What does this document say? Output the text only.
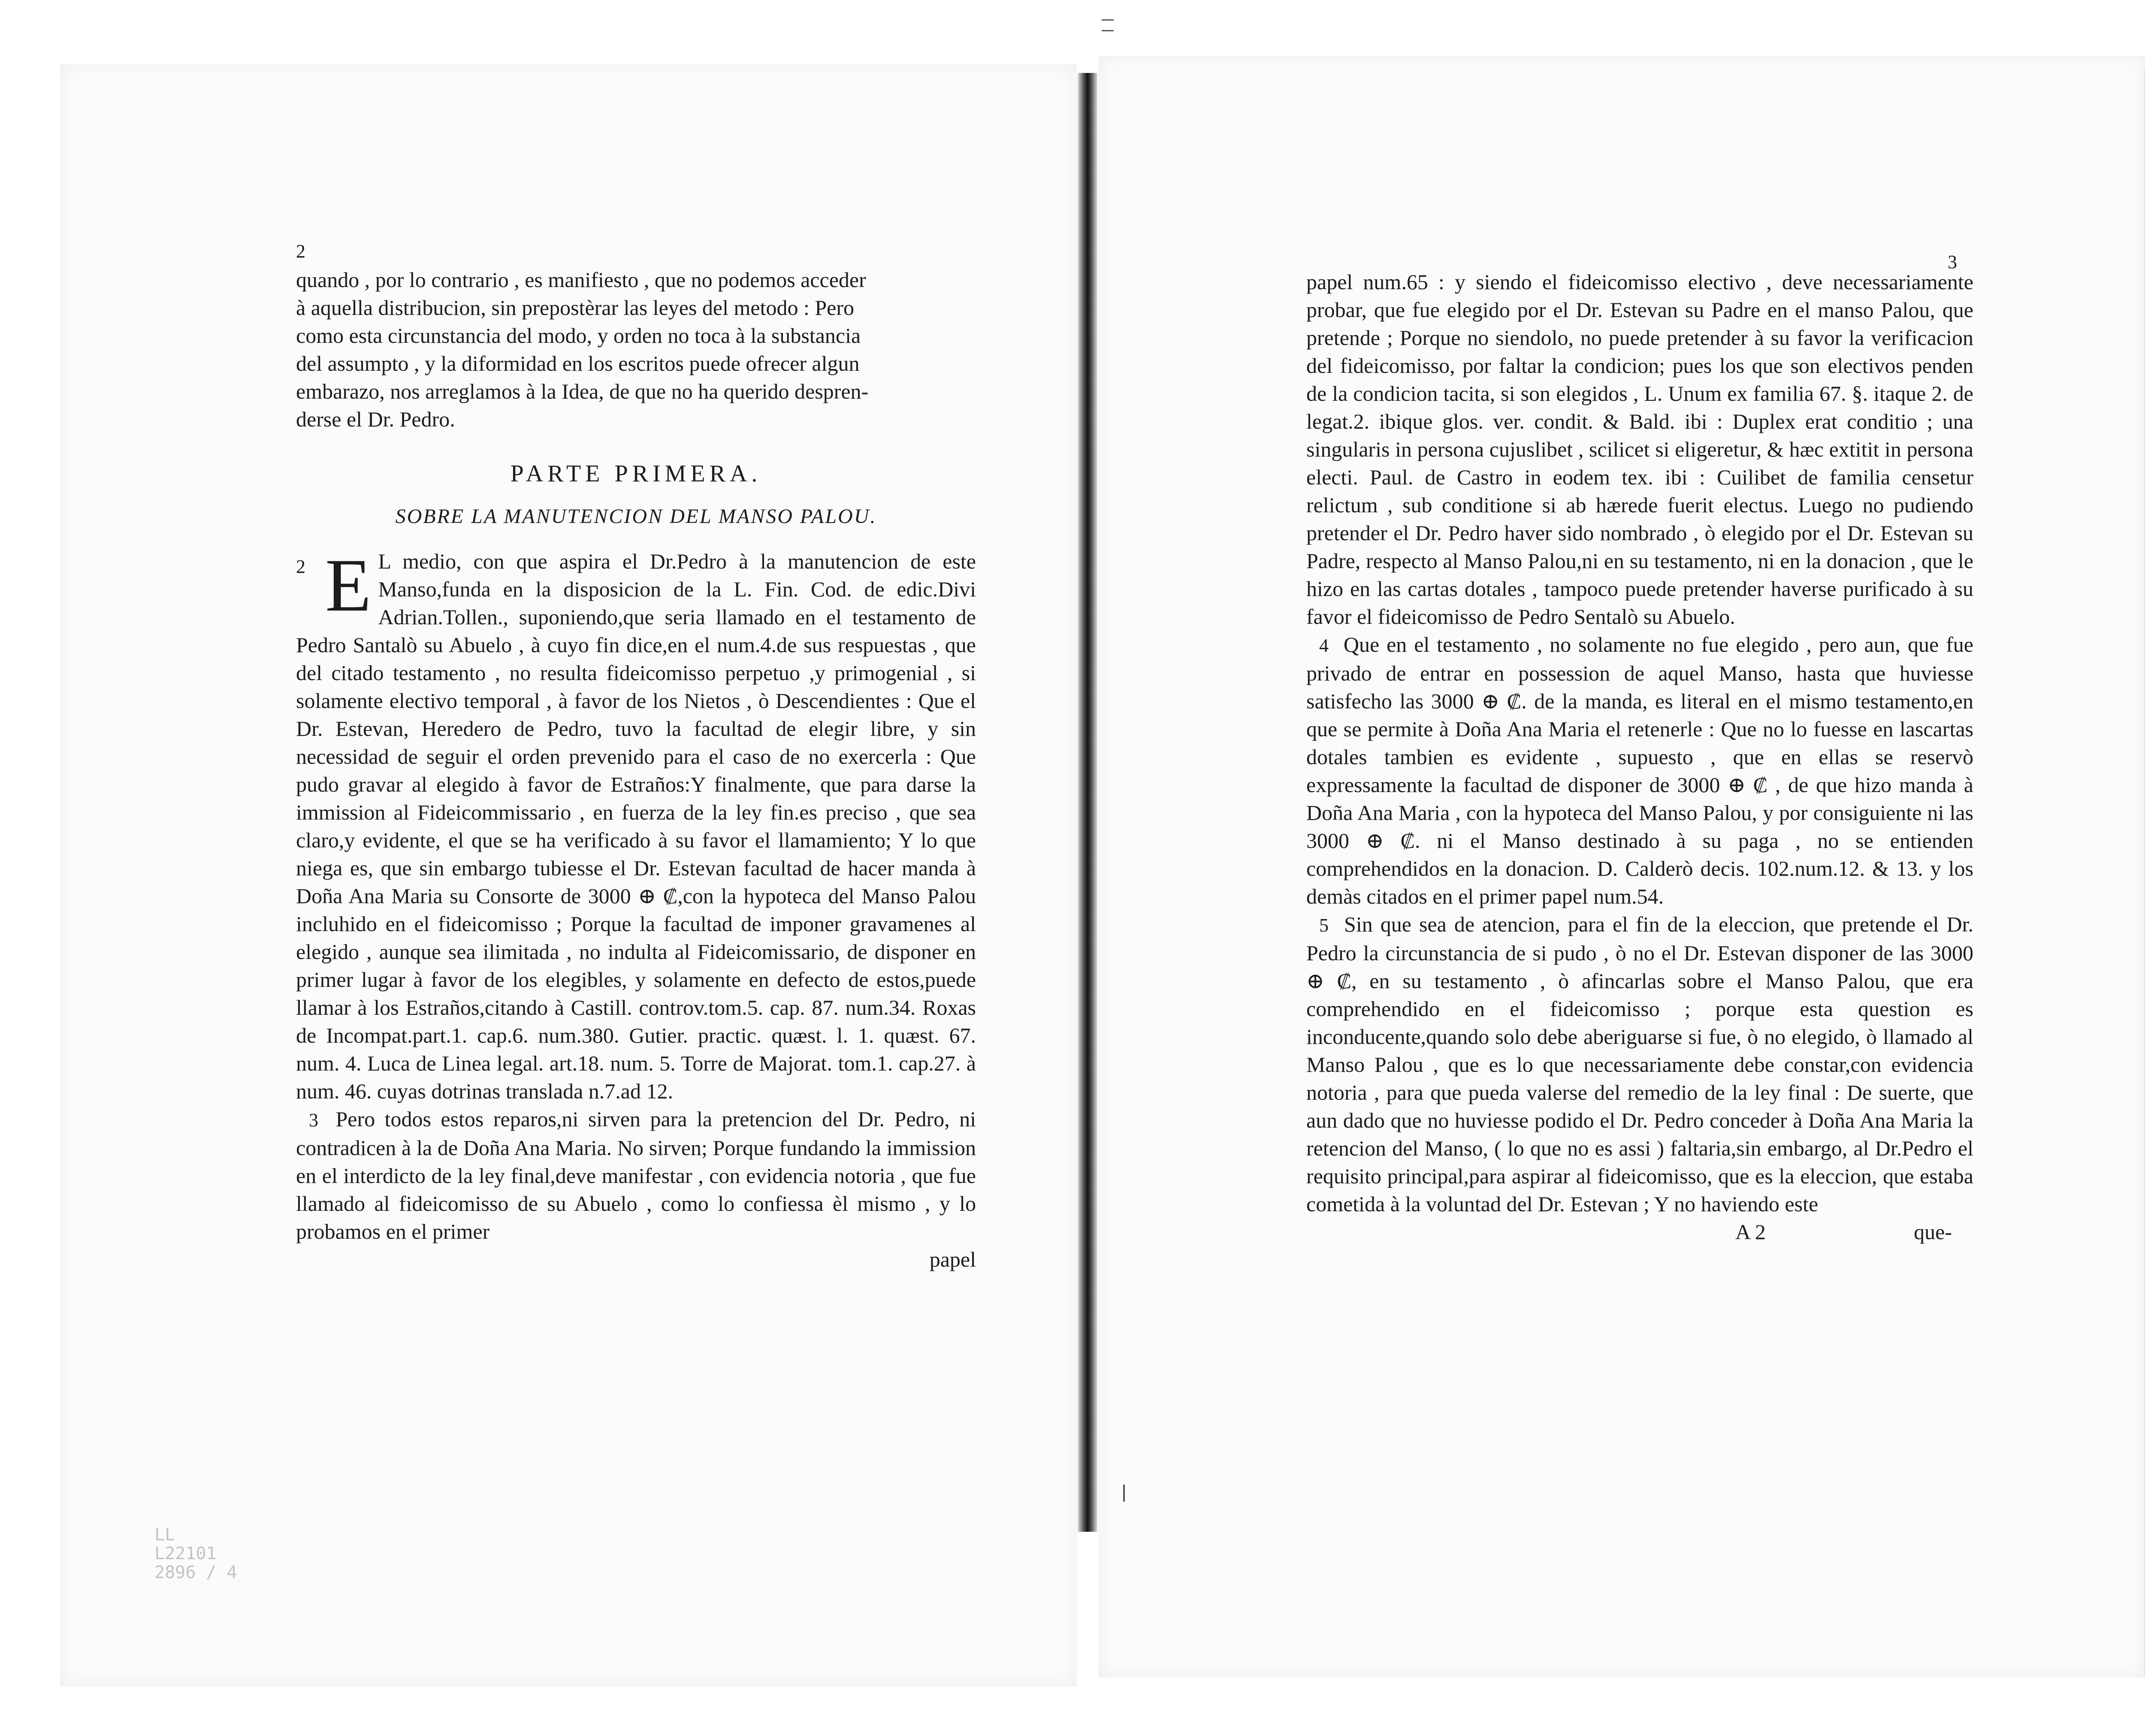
2
3
quando , por lo contrario , es manifiesto , que no podemos acceder
à aquella distribucion, sin prepostèrar las leyes del metodo : Pero
como esta circunstancia del modo, y orden no toca à la substancia
del assumpto , y la diformidad en los escritos puede ofrecer algun
embarazo, nos arreglamos à la Idea, de que no ha querido despren-
derse el Dr. Pedro.
PARTE PRIMERA.
SOBRE LA MANUTENCION DEL MANSO PALOU.

2 E L medio, con que aspira el Dr.Pedro à la manutencion de este Manso,funda en la disposicion de la L. Fin. Cod. de edic.Divi Adrian.Tollen., suponiendo,que seria llamado en el testamento de Pedro Santalò su Abuelo , à cuyo fin dice,en el num.4.de sus respuestas , que del citado testamento , no resulta fideicomisso perpetuo ,y primogenial , si solamente electivo temporal , à favor de los Nietos , ò Descendientes : Que el Dr. Estevan, Heredero de Pedro, tuvo la facultad de elegir libre, y sin necessidad de seguir el orden prevenido para el caso de no exercerla : Que pudo gravar al elegido à favor de Estraños:Y finalmente, que para darse la immission al Fideicommissario , en fuerza de la ley fin.es preciso , que sea claro,y evidente, el que se ha verificado à su favor el llamamiento; Y lo que niega es, que sin embargo tubiesse el Dr. Estevan facultad de hacer manda à Doña Ana Maria su Consorte de 3000 ⊕ ₡,con la hypoteca del Manso Palou incluhido en el fideicomisso ; Porque la facultad de imponer gravamenes al elegido , aunque sea ilimitada , no indulta al Fideicomissario, de disponer en primer lugar à favor de los elegibles, y solamente en defecto de estos,puede llamar à los Estraños,citando à Castill. controv.tom.5. cap. 87. num.34. Roxas de Incompat.part.1. cap.6. num.380. Gutier. practic. quæst. l. 1. quæst. 67. num. 4. Luca de Linea legal. art.18. num. 5. Torre de Majorat. tom.1. cap.27. à num. 46. cuyas dotrinas translada n.7.ad 12.

3 Pero todos estos reparos,ni sirven para la pretencion del Dr. Pedro, ni contradicen à la de Doña Ana Maria. No sirven; Porque fundando la immission en el interdicto de la ley final,deve manifestar , con evidencia notoria , que fue llamado al fideicomisso de su Abuelo , como lo confiessa èl mismo , y lo probamos en el primer

papel

papel num.65 : y siendo el fideicomisso electivo , deve necessariamente probar, que fue elegido por el Dr. Estevan su Padre en el manso Palou, que pretende ; Porque no siendolo, no puede pretender à su favor la verificacion del fideicomisso, por faltar la condicion; pues los que son electivos penden de la condicion tacita, si son elegidos , L. Unum ex familia 67. §. itaque 2. de legat.2. ibique glos. ver. condit. & Bald. ibi : Duplex erat conditio ; una singularis in persona cujuslibet , scilicet si eligeretur, & hæc extitit in persona electi. Paul. de Castro in eodem tex. ibi : Cuilibet de familia censetur relictum , sub conditione si ab hærede fuerit electus. Luego no pudiendo pretender el Dr. Pedro haver sido nombrado , ò elegido por el Dr. Estevan su Padre, respecto al Manso Palou,ni en su testamento, ni en la donacion , que le hizo en las cartas dotales , tampoco puede pretender haverse purificado à su favor el fideicomisso de Pedro Sentalò su Abuelo.

4 Que en el testamento , no solamente no fue elegido , pero aun, que fue privado de entrar en possession de aquel Manso, hasta que huviesse satisfecho las 3000 ⊕ ₡. de la manda, es literal en el mismo testamento,en que se permite à Doña Ana Maria el retenerle : Que no lo fuesse en lascartas dotales tambien es evidente , supuesto , que en ellas se reservò expressamente la facultad de disponer de 3000 ⊕ ₡ , de que hizo manda à Doña Ana Maria , con la hypoteca del Manso Palou, y por consiguiente ni las 3000 ⊕ ₡. ni el Manso destinado à su paga , no se entienden comprehendidos en la donacion. D. Calderò decis. 102.num.12. & 13. y los demàs citados en el primer papel num.54.

5 Sin que sea de atencion, para el fin de la eleccion, que pretende el Dr. Pedro la circunstancia de si pudo , ò no el Dr. Estevan disponer de las 3000 ⊕ ₡, en su testamento , ò afincarlas sobre el Manso Palou, que era comprehendido en el fideicomisso ; porque esta question es inconducente,quando solo debe aberiguarse si fue, ò no elegido, ò llamado al Manso Palou , que es lo que necessariamente debe constar,con evidencia notoria , para que pueda valerse del remedio de la ley final : De suerte, que aun dado que no huviesse podido el Dr. Pedro conceder à Doña Ana Maria la retencion del Manso, ( lo que no es assi ) faltaria,sin embargo, al Dr.Pedro el requisito principal,para aspirar al fideicomisso, que es la eleccion, que estaba cometida à la voluntad del Dr. Estevan ; Y no haviendo este

A 2	que-
LL
L22101
2896 / 4
